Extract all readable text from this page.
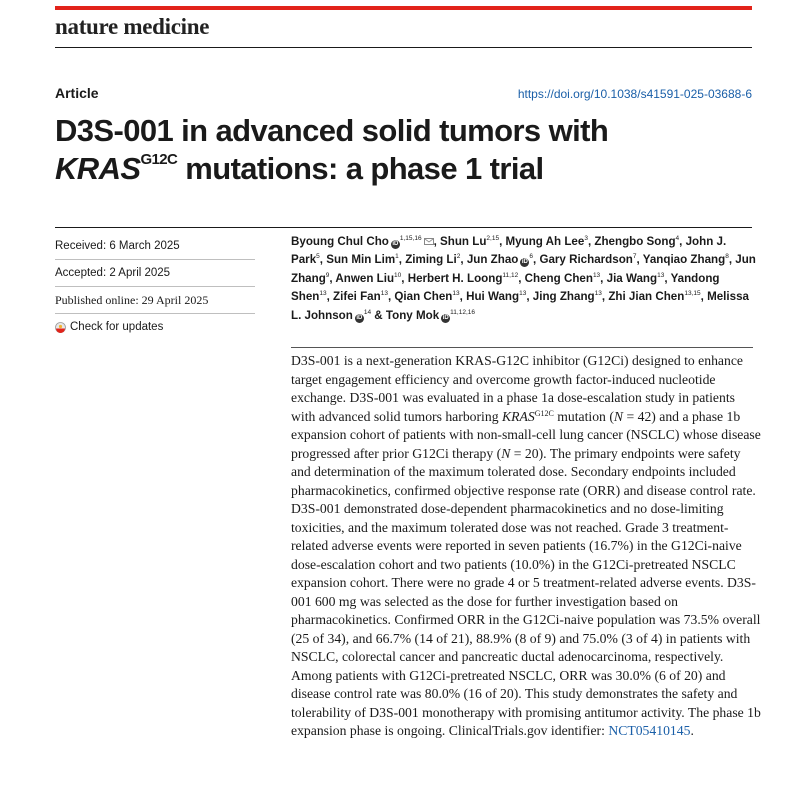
nature medicine
Article	https://doi.org/10.1038/s41591-025-03688-6
D3S-001 in advanced solid tumors with
$KRAS^{G12C}$ mutations: a phase 1 trial
Received: 6 March 2025
Accepted: 2 April 2025
Published online: 29 April 2025
Check for updates

Byoung Chul Cho iD$^{1,15,16}$ , Shun Lu$^{2,15}$, Myung Ah Lee$^3$, Zhengbo Song$^4$, John J. Park$^5$, Sun Min Lim$^1$, Ziming Li$^2$, Jun Zhao $iD^6$, Gary Richardson$^7$, Yanqiao Zhang$^8$, Jun Zhang$^9$, Anwen Liu$^{10}$, Herbert H. Loong$^{11,12}$, Cheng Chen$^{13}$, Jia Wang$^{13}$, Yandong Shen$^{13}$, Zifei Fan$^{13}$, Qian Chen$^{13}$, Hui Wang$^{13}$, Jing Zhang$^{13}$, Zhi Jian Chen$^{13,15}$, Melissa L. Johnson $iD^{14}$ & Tony Mok iD$^{11,12,16}$

D3S-001 is a next-generation KRAS-G12C inhibitor (G12Ci) designed to enhance target engagement efficiency and overcome growth factor-induced nucleotide exchange. D3S-001 was evaluated in a phase 1a dose-escalation study in patients with advanced solid tumors harboring $KRAS^{G12C}$ mutation (N = 42) and a phase 1b expansion cohort of patients with non-small-cell lung cancer (NSCLC) whose disease progressed after prior G12Ci therapy (N = 20). The primary endpoints were safety and determination of the maximum tolerated dose. Secondary endpoints included pharmacokinetics, confirmed objective response rate (ORR) and disease control rate. D3S-001 demonstrated dose-dependent pharmacokinetics and no dose-limiting toxicities, and the maximum tolerated dose was not reached. Grade 3 treatment-related adverse events were reported in seven patients (16.7%) in the G12Ci-naive dose-escalation cohort and two patients (10.0%) in the G12Ci-pretreated NSCLC expansion cohort. There were no grade 4 or 5 treatment-related adverse events. D3S-001 600 mg was selected as the dose for further investigation based on pharmacokinetics. Confirmed ORR in the G12Ci-naive population was 73.5% overall (25 of 34), and 66.7% (14 of 21), 88.9% (8 of 9) and 75.0% (3 of 4) in patients with NSCLC, colorectal cancer and pancreatic ductal adenocarcinoma, respectively. Among patients with G12Ci-pretreated NSCLC, ORR was 30.0% (6 of 20) and disease control rate was 80.0% (16 of 20). This study demonstrates the safety and tolerability of D3S-001 monotherapy with promising antitumor activity. The phase 1b expansion phase is ongoing. ClinicalTrials.gov identifier: NCT05410145.
